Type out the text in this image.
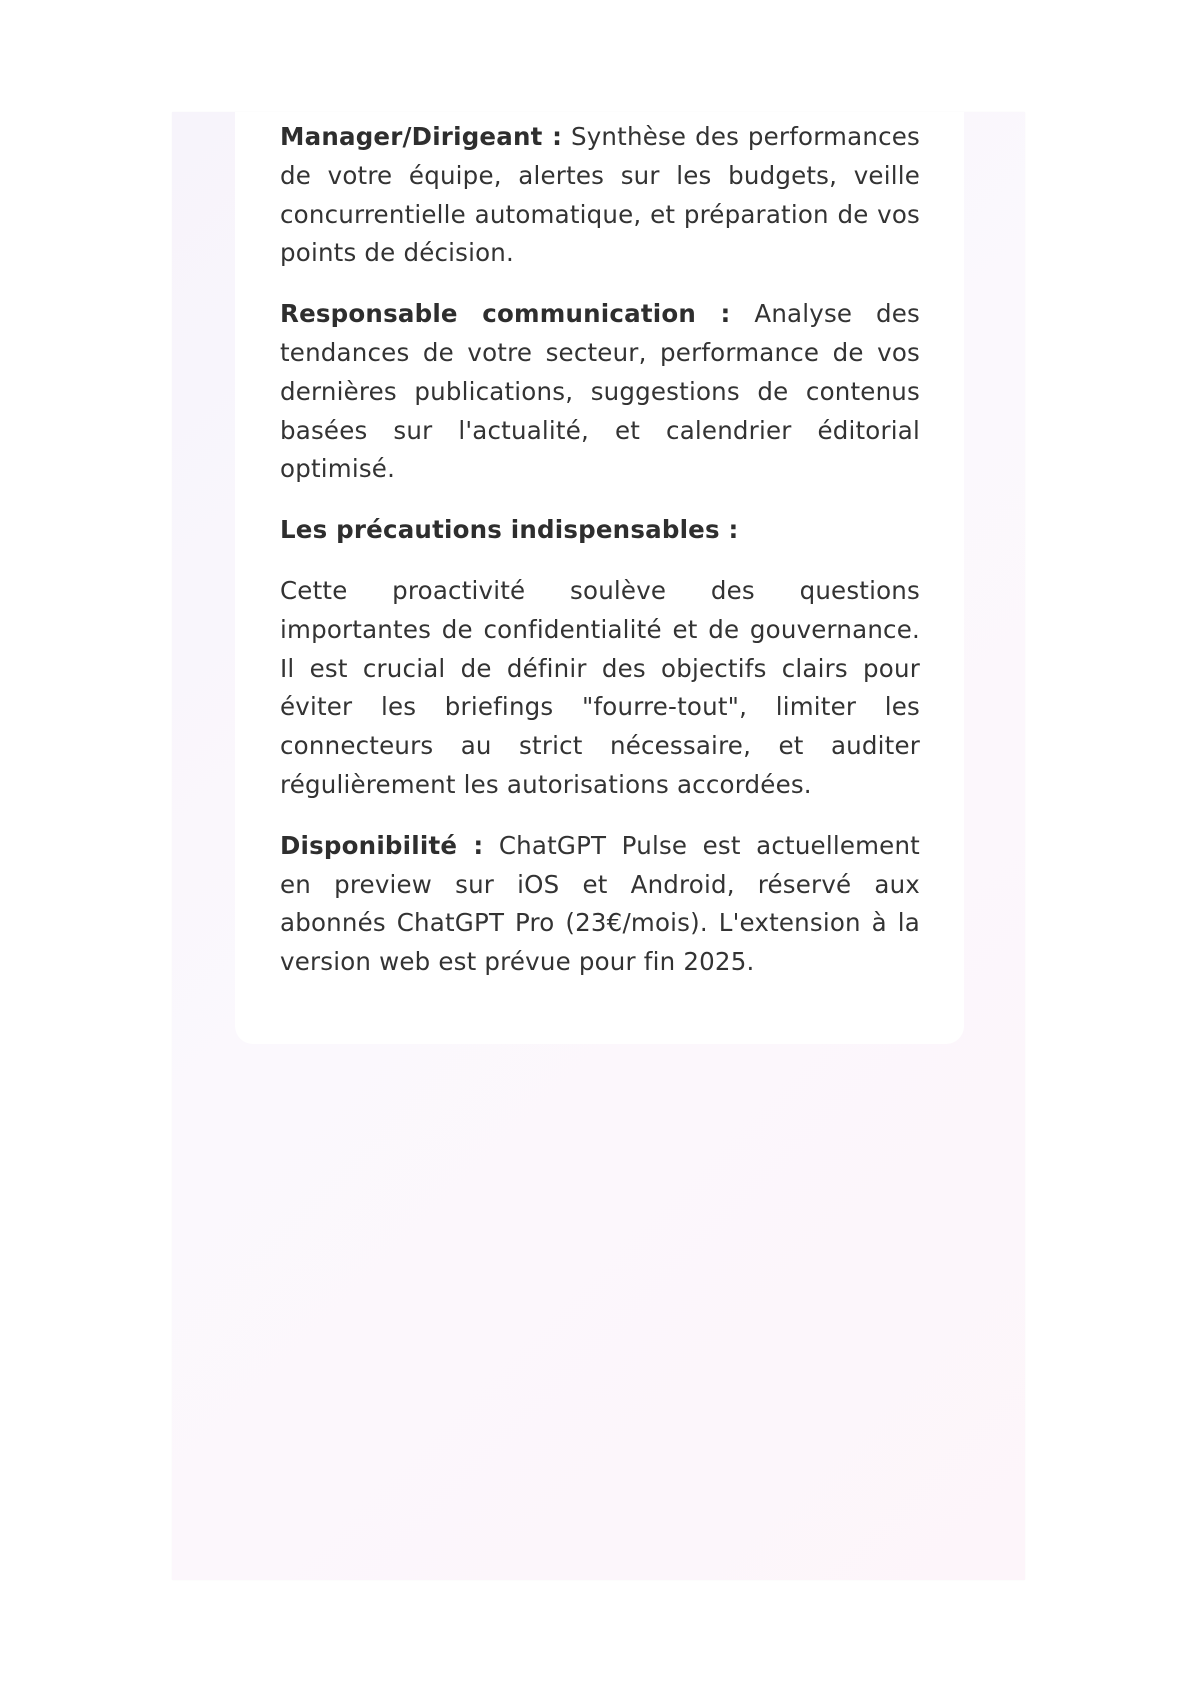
Manager/Dirigeant : Synthèse des performances de votre équipe, alertes sur les budgets, veille concurrentielle automatique, et préparation de vos points de décision.

Responsable communication : Analyse des tendances de votre secteur, performance de vos dernières publications, suggestions de contenus basées sur l'actualité, et calendrier éditorial optimisé.

Les précautions indispensables :

Cette proactivité soulève des questions importantes de confidentialité et de gouvernance. Il est crucial de définir des objectifs clairs pour éviter les briefings "fourre-tout", limiter les connecteurs au strict nécessaire, et auditer régulièrement les autorisations accordées.

Disponibilité : ChatGPT Pulse est actuellement en preview sur iOS et Android, réservé aux abonnés ChatGPT Pro (23€/mois). L'extension à la version web est prévue pour fin 2025.
